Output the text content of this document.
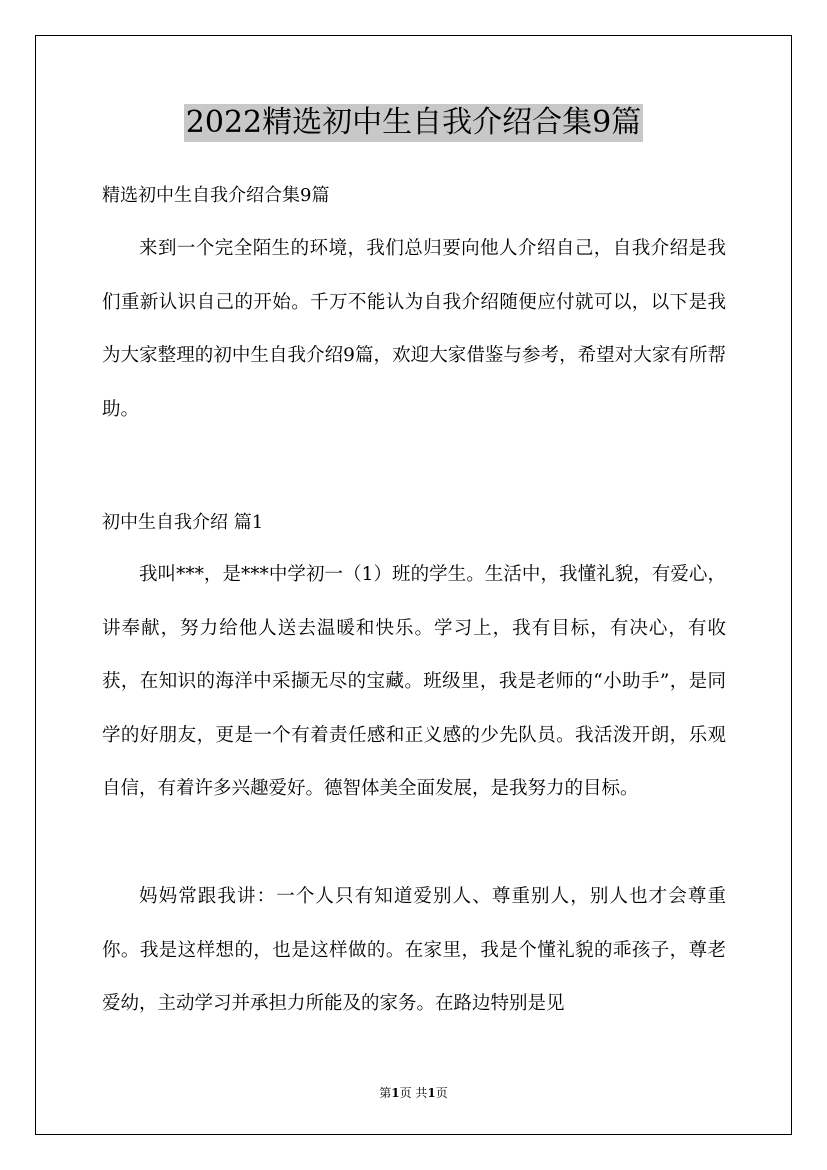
2022精选初中生自我介绍合集9篇
精选初中生自我介绍合集9篇

来到一个完全陌生的环境，我们总归要向他人介绍自己，自我介绍是我们重新认识自己的开始。千万不能认为自我介绍随便应付就可以，以下是我为大家整理的初中生自我介绍9篇，欢迎大家借鉴与参考，希望对大家有所帮助。

初中生自我介绍 篇1

我叫***，是***中学初一（1）班的学生。生活中，我懂礼貌，有爱心，讲奉献，努力给他人送去温暖和快乐。学习上，我有目标，有决心，有收获，在知识的海洋中采撷无尽的宝藏。班级里，我是老师的“小助手”，是同学的好朋友，更是一个有着责任感和正义感的少先队员。我活泼开朗，乐观自信，有着许多兴趣爱好。德智体美全面发展，是我努力的目标。

妈妈常跟我讲：一个人只有知道爱别人、尊重别人，别人也才会尊重你。我是这样想的，也是这样做的。在家里，我是个懂礼貌的乖孩子，尊老爱幼，主动学习并承担力所能及的家务。在路边特别是见

第1页 共1页
